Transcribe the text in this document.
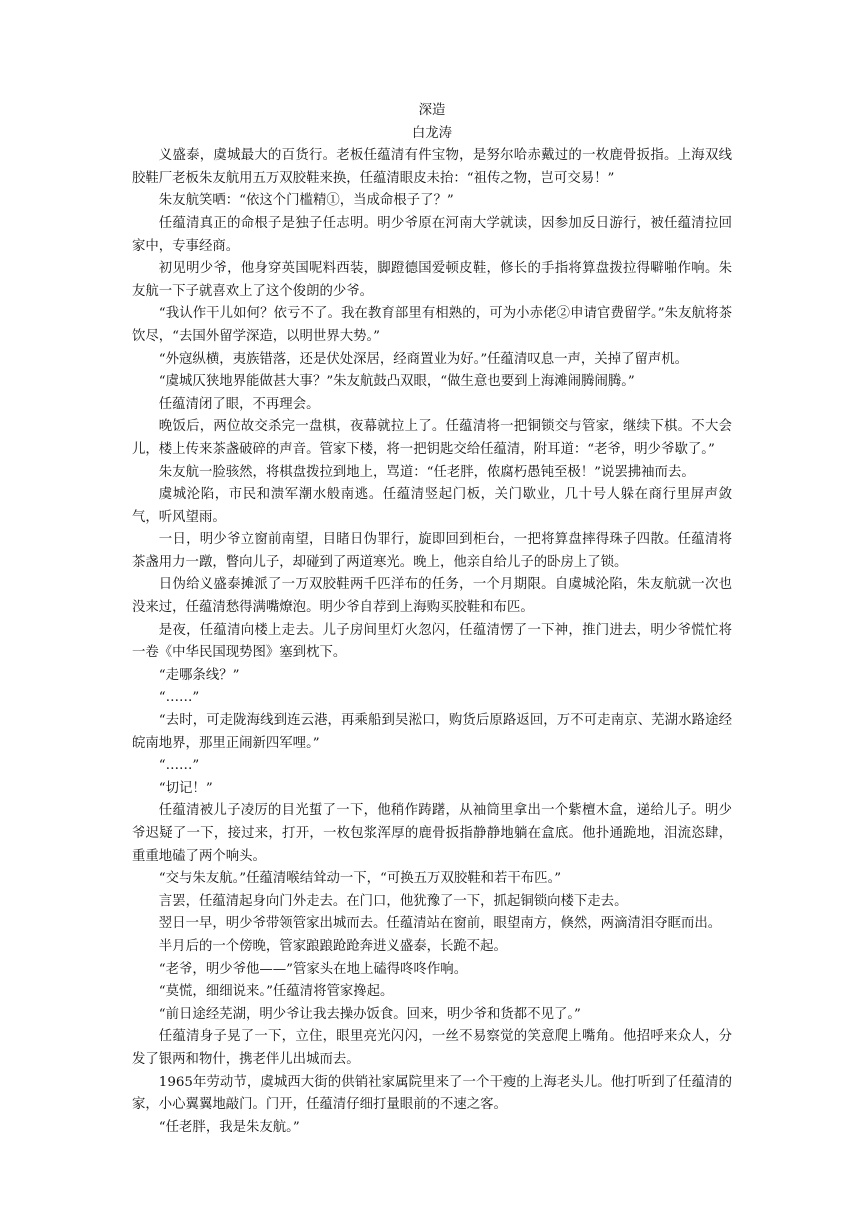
深造
白龙涛

义盛泰，虞城最大的百货行。老板任蕴清有件宝物，是努尔哈赤戴过的一枚鹿骨扳指。上海双线胶鞋厂老板朱友航用五万双胶鞋来换，任蕴清眼皮未抬：“祖传之物，岂可交易！”

朱友航笑哂：“依这个门槛精①，当成命根子了？”

任蕴清真正的命根子是独子任志明。明少爷原在河南大学就读，因参加反日游行，被任蕴清拉回家中，专事经商。

初见明少爷，他身穿英国呢料西装，脚蹬德国爱顿皮鞋，修长的手指将算盘拨拉得噼啪作响。朱友航一下子就喜欢上了这个俊朗的少爷。

“我认作干儿如何？依亏不了。我在教育部里有相熟的，可为小赤佬②申请官费留学。”朱友航将茶饮尽，“去国外留学深造，以明世界大势。”

“外寇纵横，夷族错落，还是伏处深居，经商置业为好。”任蕴清叹息一声，关掉了留声机。

“虞城仄狭地界能做甚大事？”朱友航鼓凸双眼，“做生意也要到上海滩闹腾闹腾。”

任蕴清闭了眼，不再理会。

晚饭后，两位故交杀完一盘棋，夜幕就拉上了。任蕴清将一把铜锁交与管家，继续下棋。不大会儿，楼上传来茶盏破碎的声音。管家下楼，将一把钥匙交给任蕴清，附耳道：“老爷，明少爷歇了。”

朱友航一脸骇然，将棋盘拨拉到地上，骂道：“任老胖，侬腐朽愚钝至极！”说罢拂袖而去。

虞城沦陷，市民和溃军潮水般南逃。任蕴清竖起门板，关门歇业，几十号人躲在商行里屏声敛气，听风望雨。

一日，明少爷立窗前南望，目睹日伪罪行，旋即回到柜台，一把将算盘摔得珠子四散。任蕴清将茶盏用力一蹾，瞥向儿子，却碰到了两道寒光。晚上，他亲自给儿子的卧房上了锁。

日伪给义盛泰摊派了一万双胶鞋两千匹洋布的任务，一个月期限。自虞城沦陷，朱友航就一次也没来过，任蕴清愁得满嘴燎泡。明少爷自荐到上海购买胶鞋和布匹。

是夜，任蕴清向楼上走去。儿子房间里灯火忽闪，任蕴清愣了一下神，推门进去，明少爷慌忙将一卷《中华民国现势图》塞到枕下。

“走哪条线？”

“……”

“去时，可走陇海线到连云港，再乘船到吴淞口，购货后原路返回，万不可走南京、芜湖水路途经皖南地界，那里正闹新四军哩。”

“……”

“切记！”

任蕴清被儿子凌厉的目光蜇了一下，他稍作踌躇，从袖筒里拿出一个紫檀木盒，递给儿子。明少爷迟疑了一下，接过来，打开，一枚包浆浑厚的鹿骨扳指静静地躺在盒底。他扑通跪地，泪流恣肆，重重地磕了两个响头。

“交与朱友航。”任蕴清喉结耸动一下，“可换五万双胶鞋和若干布匹。”

言罢，任蕴清起身向门外走去。在门口，他犹豫了一下，抓起铜锁向楼下走去。

翌日一早，明少爷带领管家出城而去。任蕴清站在窗前，眼望南方，倏然，两滴清泪夺眶而出。

半月后的一个傍晚，管家踉踉跄跄奔进义盛泰，长跪不起。

“老爷，明少爷他——”管家头在地上磕得咚咚作响。

“莫慌，细细说来。”任蕴清将管家搀起。

“前日途经芜湖，明少爷让我去操办饭食。回来，明少爷和货都不见了。”

任蕴清身子晃了一下，立住，眼里亮光闪闪，一丝不易察觉的笑意爬上嘴角。他招呼来众人，分发了银两和物什，携老伴儿出城而去。

1965年劳动节，虞城西大街的供销社家属院里来了一个干瘦的上海老头儿。他打听到了任蕴清的家，小心翼翼地敲门。门开，任蕴清仔细打量眼前的不速之客。

“任老胖，我是朱友航。”
